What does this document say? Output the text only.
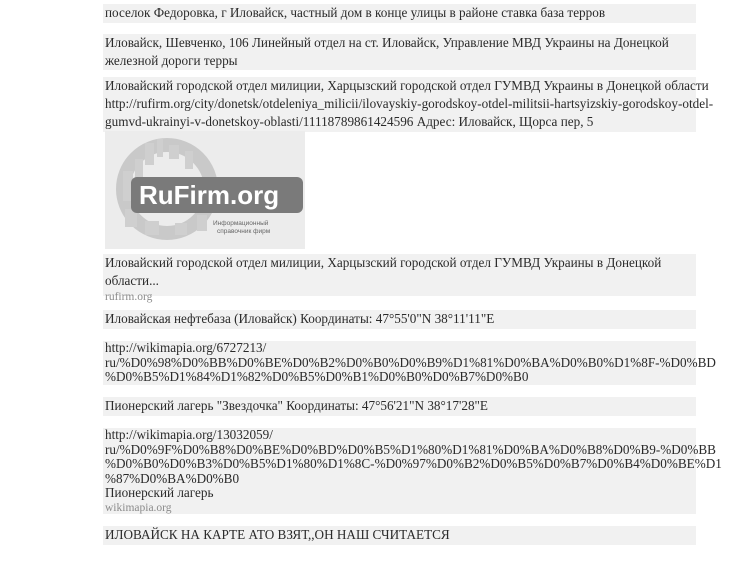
поселок Федоровка, г Иловайск, частный дом в конце улицы в районе ставка база терров
Иловайск, Шевченко, 106 Линейный отдел на ст. Иловайск, Управление МВД Украины на Донецкой
железной дороги терры
Иловайский городской отдел милиции, Харцызский городской отдел ГУМВД Украины в Донецкой области
http://rufirm.org/city/donetsk/otdeleniya_milicii/ilovayskiy-gorodskoy-otdel-militsii-hartsyizskiy-gorodskoy-otdel-
gumvd-ukrainyi-v-donetskoy-oblasti/11118789861424596 Адрес: Иловайск, Щорса пер, 5
RuFirm.org
Информационный
справочник фирм
Иловайский городской отдел милиции, Харцызский городской отдел ГУМВД Украины в Донецкой
области...
rufirm.org
Иловайская нефтебаза (Иловайск) Координаты: 47°55'0"N 38°11'11"E
http://wikimapia.org/6727213/
ru/%D0%98%D0%BB%D0%BE%D0%B2%D0%B0%D0%B9%D1%81%D0%BA%D0%B0%D1%8F-%D0%BD
%D0%B5%D1%84%D1%82%D0%B5%D0%B1%D0%B0%D0%B7%D0%B0
Пионерский лагерь "Звездочка" Координаты: 47°56'21"N 38°17'28"E
http://wikimapia.org/13032059/
ru/%D0%9F%D0%B8%D0%BE%D0%BD%D0%B5%D1%80%D1%81%D0%BA%D0%B8%D0%B9-%D0%BB
%D0%B0%D0%B3%D0%B5%D1%80%D1%8C-%D0%97%D0%B2%D0%B5%D0%B7%D0%B4%D0%BE%D1
%87%D0%BA%D0%B0
Пионерский лагерь
wikimapia.org
ИЛОВАЙСК НА КАРТЕ АТО ВЗЯТ,,ОН НАШ СЧИТАЕТСЯ
